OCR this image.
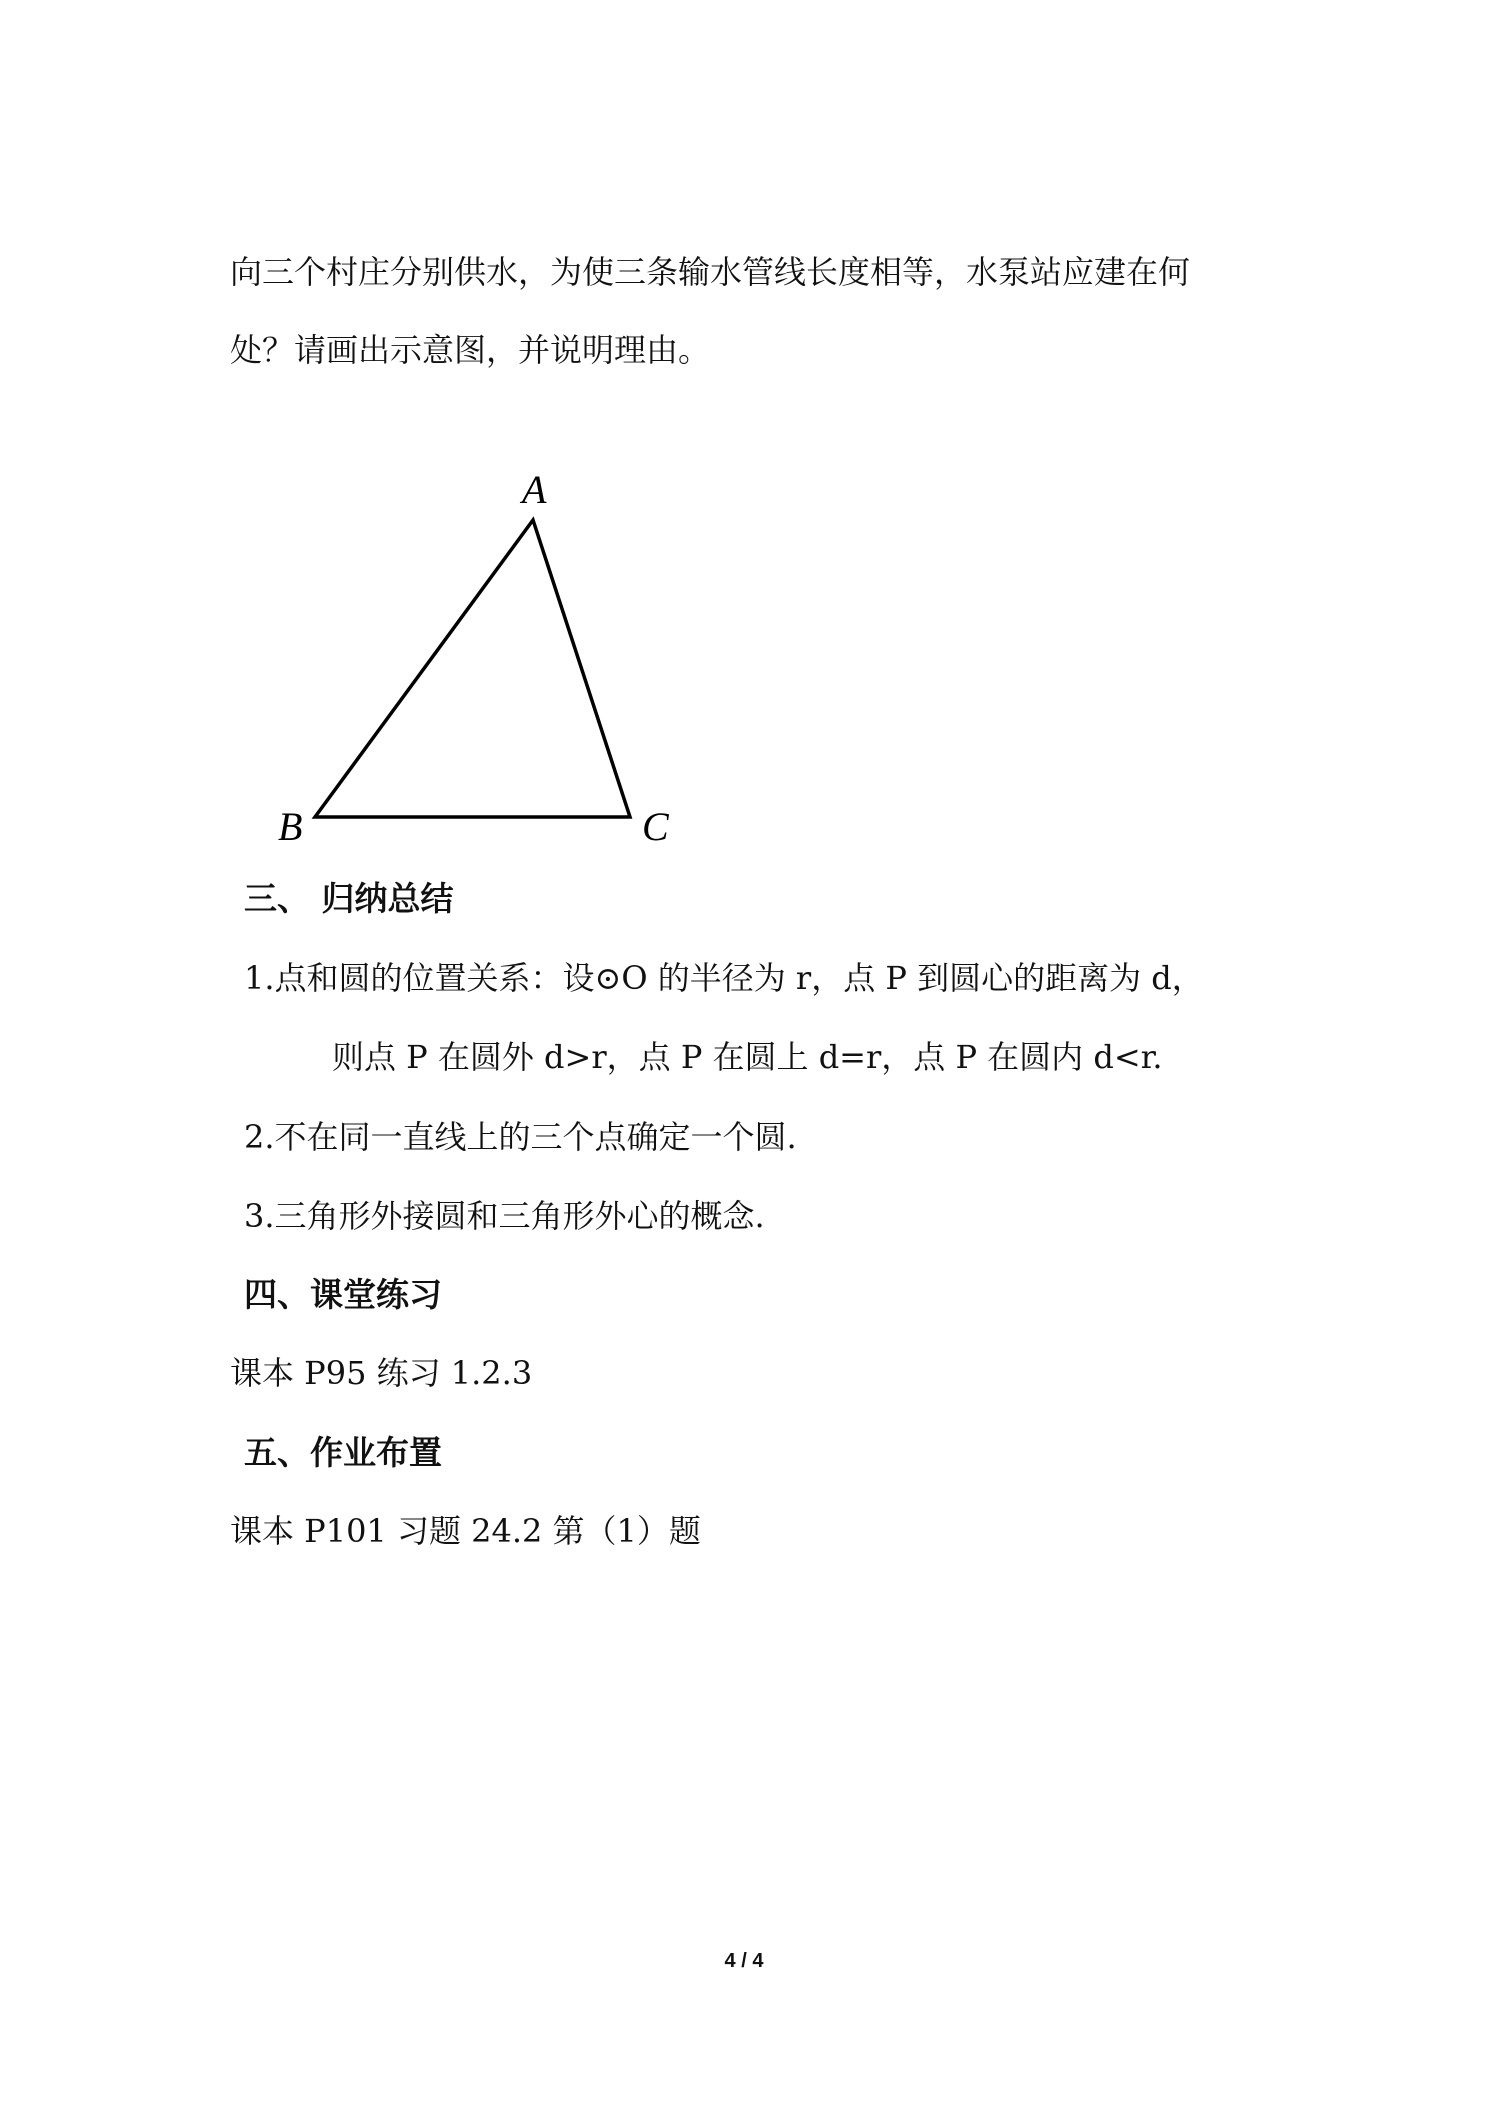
向三个村庄分别供水，为使三条输水管线长度相等，水泵站应建在何
处？请画出示意图，并说明理由。
A
B	C
三、 归纳总结
1.点和圆的位置关系：设⊙O 的半径为 r，点 P 到圆心的距离为 d，
则点 P 在圆外 d>r，点 P 在圆上 d=r，点 P 在圆内 d<r.
2.不在同一直线上的三个点确定一个圆.
3.三角形外接圆和三角形外心的概念.
四、课堂练习
课本 P95 练习 1.2.3
五、作业布置
课本 P101 习题 24.2 第（1）题
4 / 4
